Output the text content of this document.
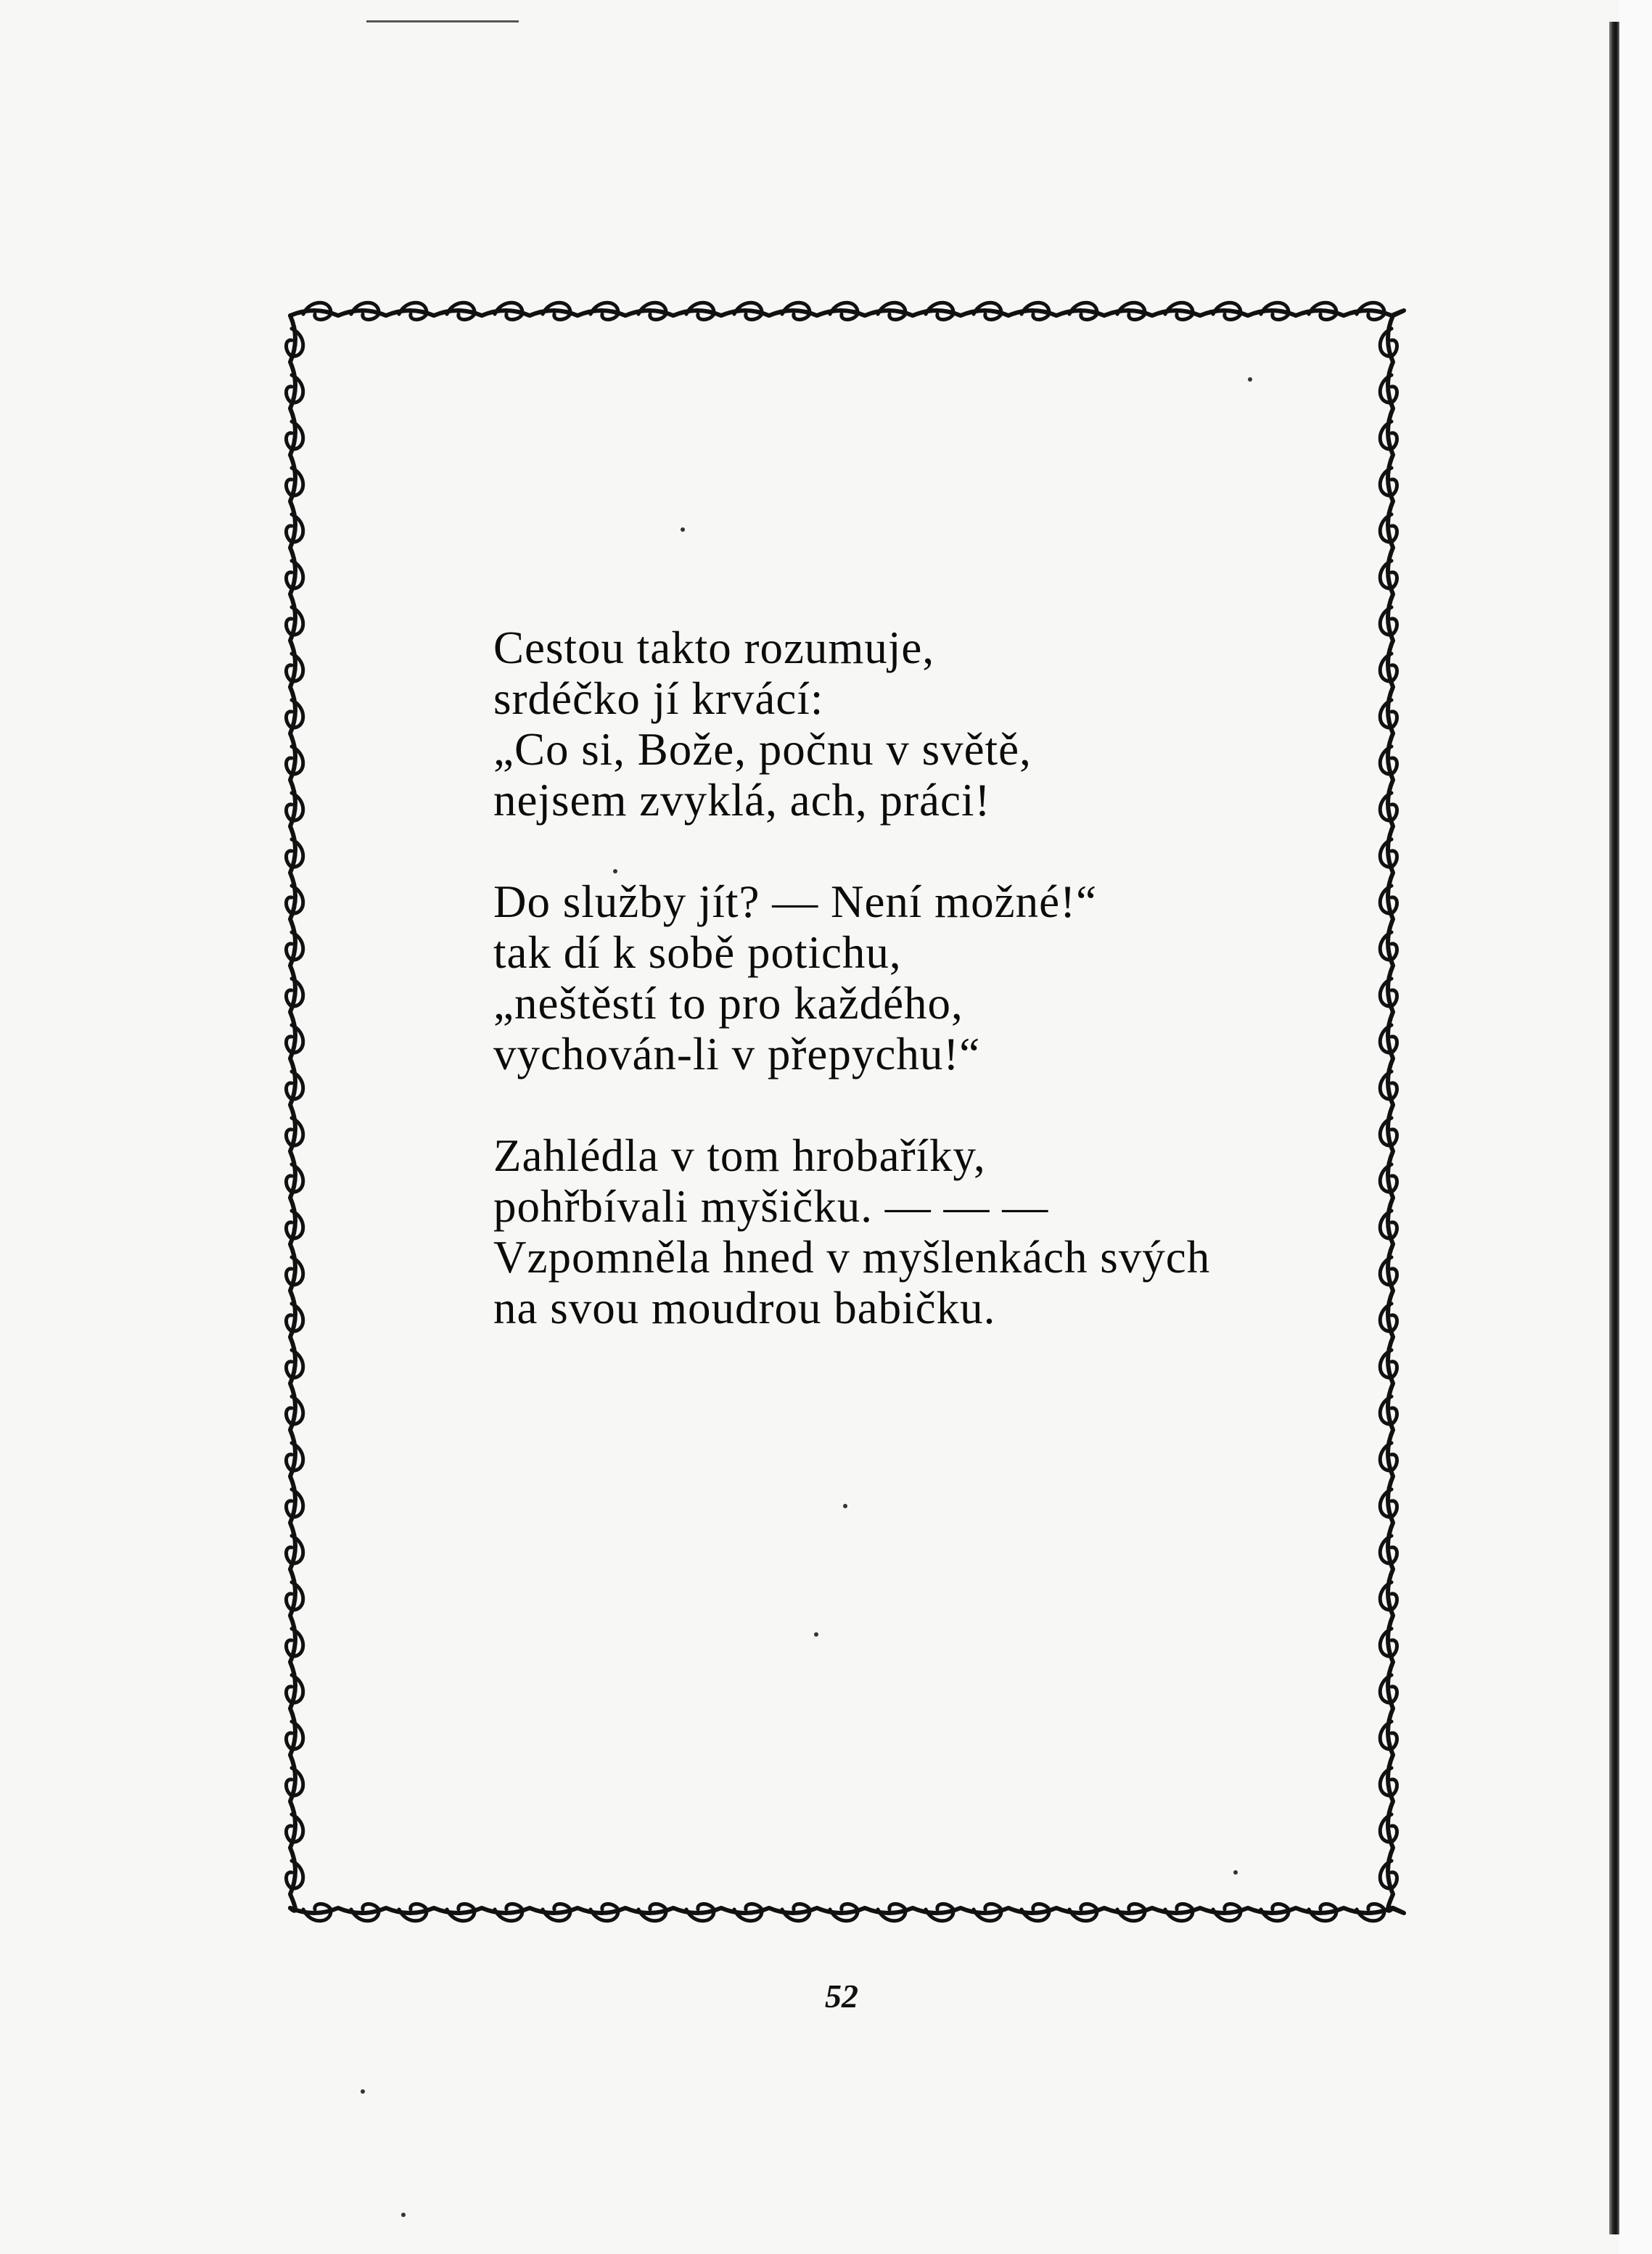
Cestou takto rozumuje,
srdéčko jí krvácí:
„Co si, Bože, počnu v světě,
nejsem zvyklá, ach, práci!
Do služby jít? — Není možné!“
tak dí k sobě potichu,
„neštěstí to pro každého,
vychován-li v přepychu!“
Zahlédla v tom hrobaříky,
pohřbívali myšičku. — — —
Vzpomněla hned v myšlenkách svých
na svou moudrou babičku.
52
